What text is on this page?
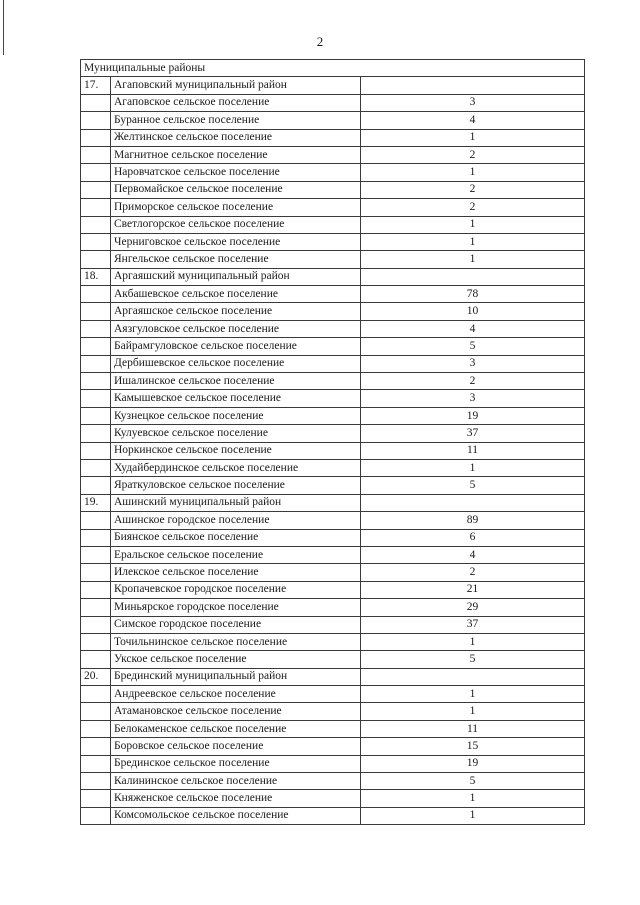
2
Муниципальные районы		
17.	Агаповский муниципальный район	
	Агаповское сельское поселение	3
	Буранное сельское поселение	4
	Желтинское сельское поселение	1
	Магнитное сельское поселение	2
	Наровчатское сельское поселение	1
	Первомайское сельское поселение	2
	Приморское сельское поселение	2
	Светлогорское сельское поселение	1
	Черниговское сельское поселение	1
	Янгельское сельское поселение	1
18.	Аргаяшский муниципальный район	
	Акбашевское сельское поселение	78
	Аргаяшское сельское поселение	10
	Аязгуловское сельское поселение	4
	Байрамгуловское сельское поселение	5
	Дербишевское сельское поселение	3
	Ишалинское сельское поселение	2
	Камышевское сельское поселение	3
	Кузнецкое сельское поселение	19
	Кулуевское сельское поселение	37
	Норкинское сельское поселение	11
	Худайбердинское сельское поселение	1
	Яраткуловское сельское поселение	5
19.	Ашинский муниципальный район	
	Ашинское городское поселение	89
	Биянское сельское поселение	6
	Еральское сельское поселение	4
	Илекское сельское поселение	2
	Кропачевское городское поселение	21
	Миньярское городское поселение	29
	Симское городское поселение	37
	Точильнинское сельское поселение	1
	Укское сельское поселение	5
20.	Брединский муниципальный район	
	Андреевское сельское поселение	1
	Атамановское сельское поселение	1
	Белокаменское сельское поселение	11
	Боровское сельское поселение	15
	Брединское сельское поселение	19
	Калининское сельское поселение	5
	Княженское сельское поселение	1
	Комсомольское сельское поселение	1
